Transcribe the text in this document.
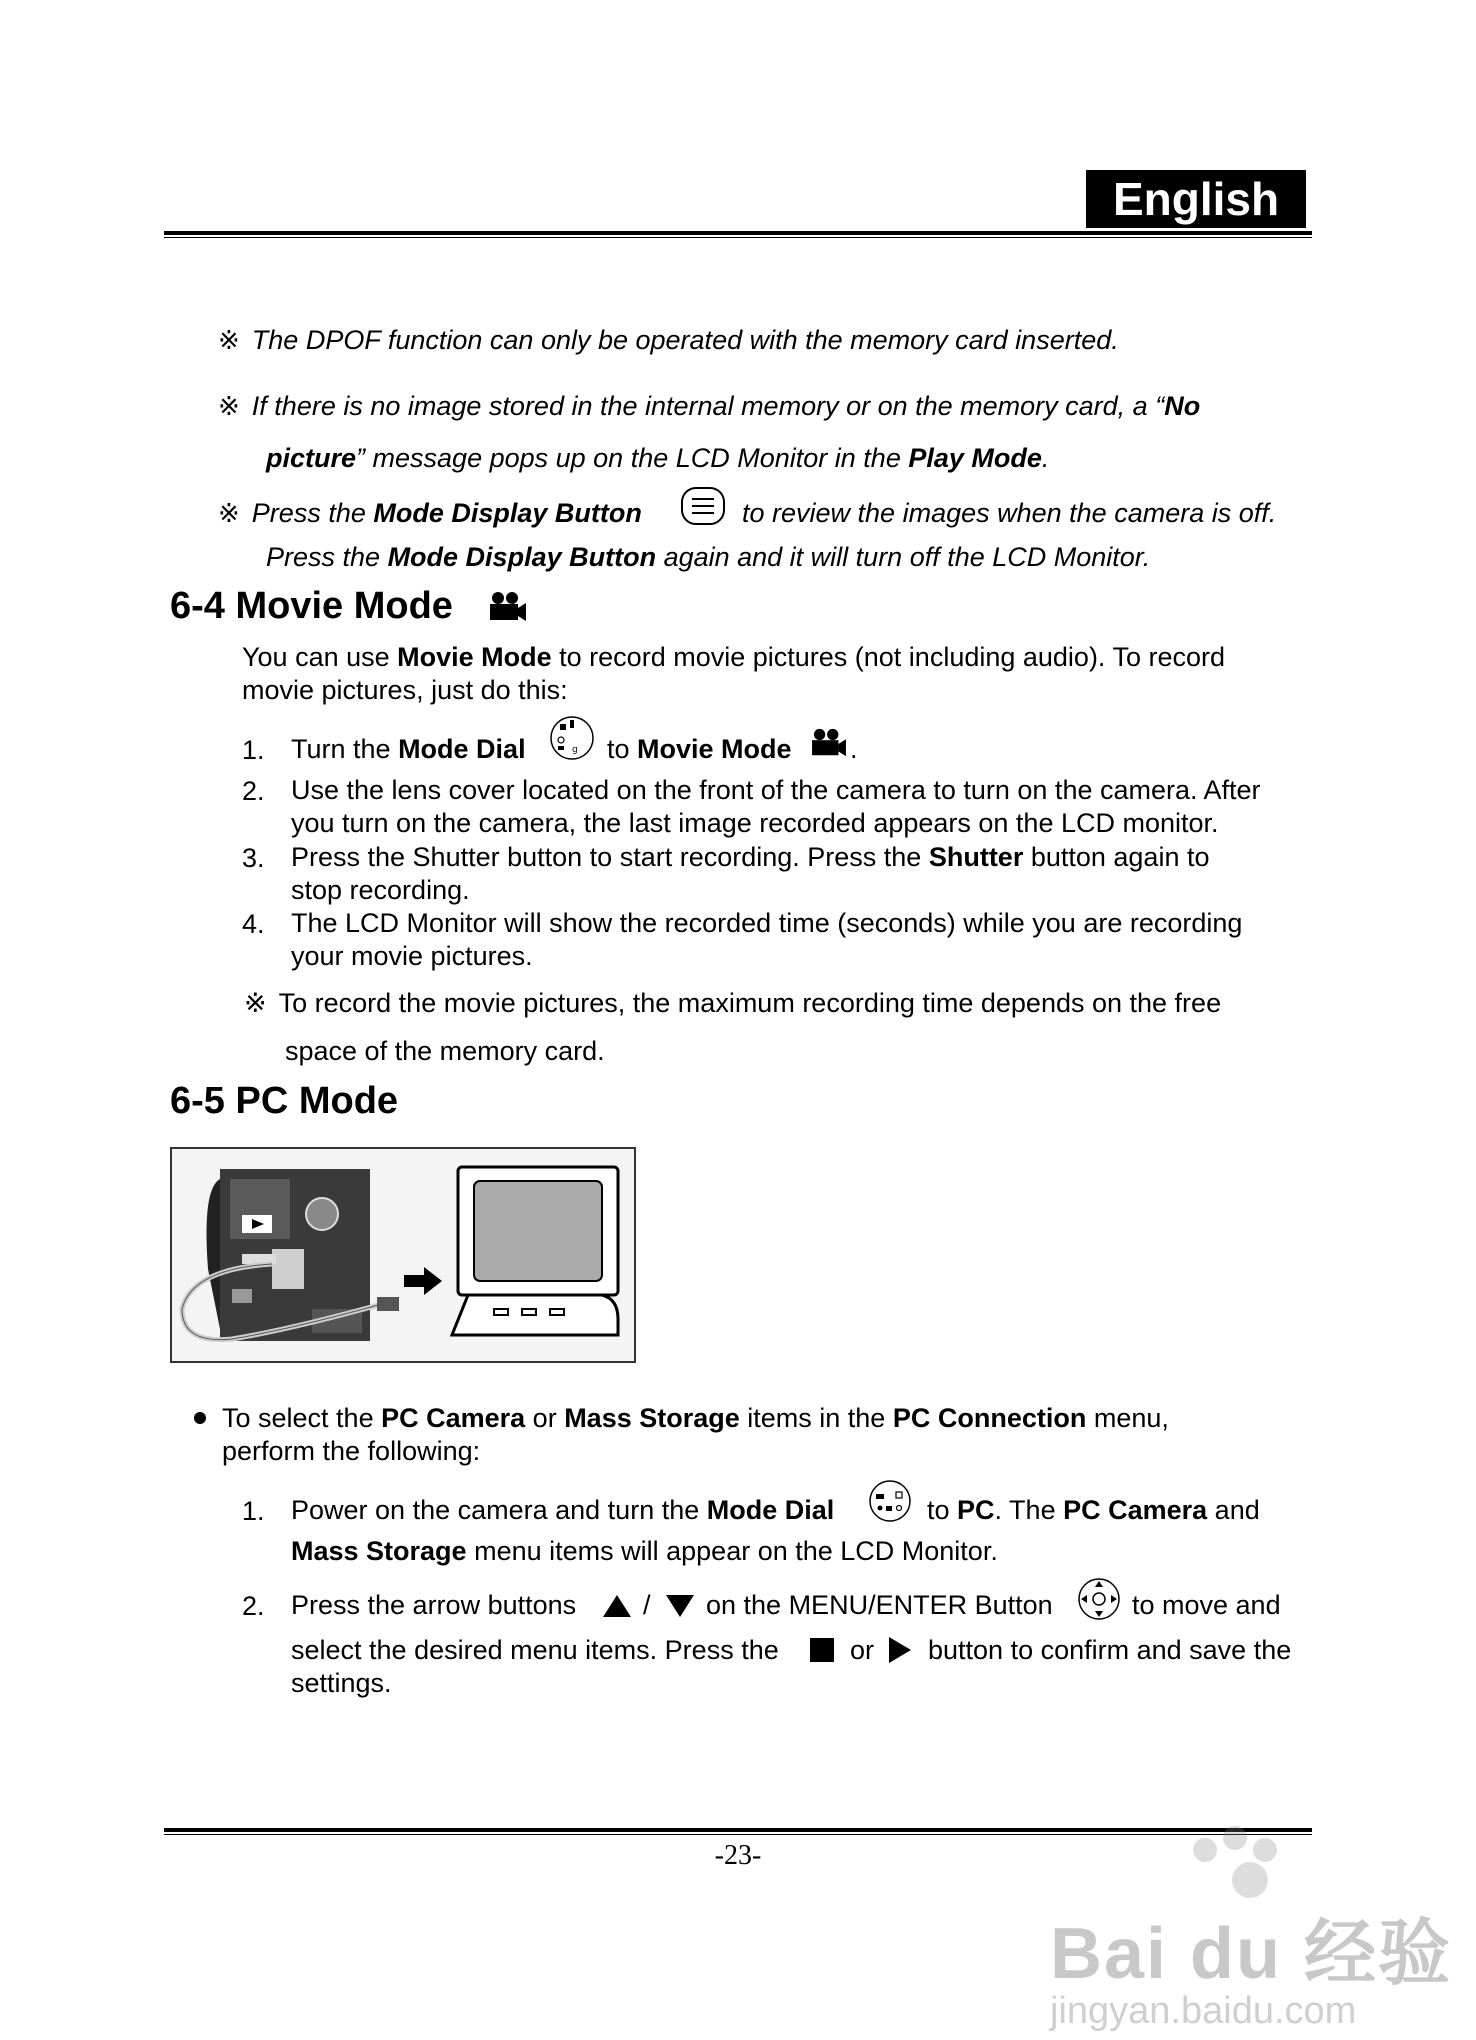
English
※ The DPOF function can only be operated with the memory card inserted.
※ If there is no image stored in the internal memory or on the memory card, a “No
picture” message pops up on the LCD Monitor in the Play Mode.
※ Press the Mode Display Button	to review the images when the camera is off.
Press the Mode Display Button again and it will turn off the LCD Monitor.
6-4 Movie Mode
You can use Movie Mode to record movie pictures (not including audio). To record
movie pictures, just do this:
1. Turn the Mode Dial	g to Movie Mode .
2. Use the lens cover located on the front of the camera to turn on the camera. After
you turn on the camera, the last image recorded appears on the LCD monitor.
3. Press the Shutter button to start recording. Press the Shutter button again to
stop recording.
4. The LCD Monitor will show the recorded time (seconds) while you are recording
your movie pictures.
※ To record the movie pictures, the maximum recording time depends on the free
space of the memory card.
6-5 PC Mode
To select the PC Camera or Mass Storage items in the PC Connection menu,
perform the following:
1. Power on the camera and turn the Mode Dial	to PC. The PC Camera and
Mass Storage menu items will appear on the LCD Monitor.
2. Press the arrow buttons / on the MENU/ENTER Button	to move and
select the desired menu items. Press the	or button to confirm and save the
settings.
-23-
Bai du 经验
jingyan.baidu.com
